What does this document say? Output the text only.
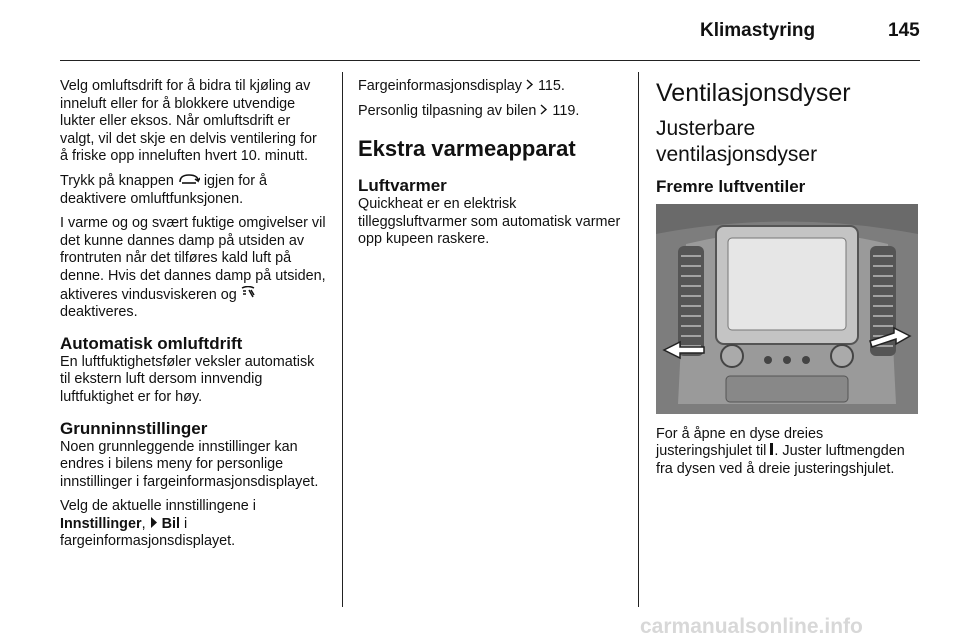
Klimastyring	145

Velg omluftsdrift for å bidra til kjøling av inneluft eller for å blokkere utvendige lukter eller eksos. Når omluftsdrift er valgt, vil det skje en delvis ventilering for å friske opp inneluften hvert 10. minutt.

Trykk på knappen igjen for å deaktivere omluftfunksjonen.

I varme og og svært fuktige omgivelser vil det kunne dannes damp på utsiden av frontruten når det tilføres kald luft på denne. Hvis det dannes damp på utsiden, aktiveres vindusviskeren og  deaktiveres.

Automatisk omluftdrift

En luftfuktighetsføler veksler automatisk til ekstern luft dersom innvendig luftfuktighet er for høy.

Grunninnstillinger

Noen grunnleggende innstillinger kan endres i bilens meny for personlige innstillinger i fargeinformasjonsdisplayet.

Velg de aktuelle innstillingene i Innstillinger, Bil i fargeinformasjonsdisplayet.

Fargeinformasjonsdisplay 115.

Personlig tilpasning av bilen 119.

Ekstra varmeapparat
Luftvarmer

Quickheat er en elektrisk tilleggsluftvarmer som automatisk varmer opp kupeen raskere.

Ventilasjonsdyser
Justerbare ventilasjonsdyser
Fremre luftventiler

For å åpne en dyse dreies justeringshjulet til . Juster luftmengden fra dysen ved å dreie justeringshjulet.

carmanualsonline.info
